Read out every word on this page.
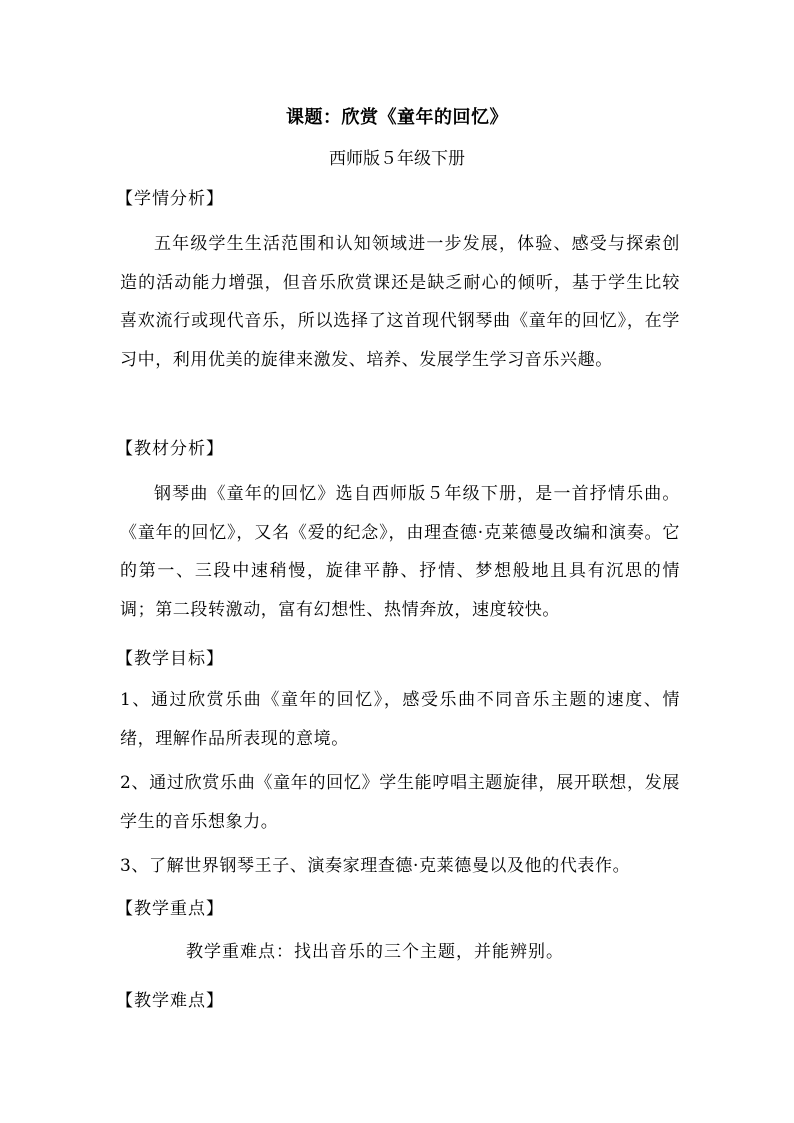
课题：欣赏《童年的回忆》
西师版５年级下册
【学情分析】
五年级学生生活范围和认知领域进一步发展，体验、感受与探索创造的活动能力增强，但音乐欣赏课还是缺乏耐心的倾听，基于学生比较喜欢流行或现代音乐，所以选择了这首现代钢琴曲《童年的回忆》，在学习中，利用优美的旋律来激发、培养、发展学生学习音乐兴趣。
【教材分析】
钢琴曲《童年的回忆》选自西师版５年级下册，是一首抒情乐曲。《童年的回忆》，又名《爱的纪念》，由理查德·克莱德曼改编和演奏。它的第一、三段中速稍慢，旋律平静、抒情、梦想般地且具有沉思的情调；第二段转激动，富有幻想性、热情奔放，速度较快。
【教学目标】
1、通过欣赏乐曲《童年的回忆》，感受乐曲不同音乐主题的速度、情绪，理解作品所表现的意境。
2、通过欣赏乐曲《童年的回忆》学生能哼唱主题旋律，展开联想，发展学生的音乐想象力。
3、了解世界钢琴王子、演奏家理查德·克莱德曼以及他的代表作。
【教学重点】
教学重难点：找出音乐的三个主题，并能辨别。
【教学难点】
